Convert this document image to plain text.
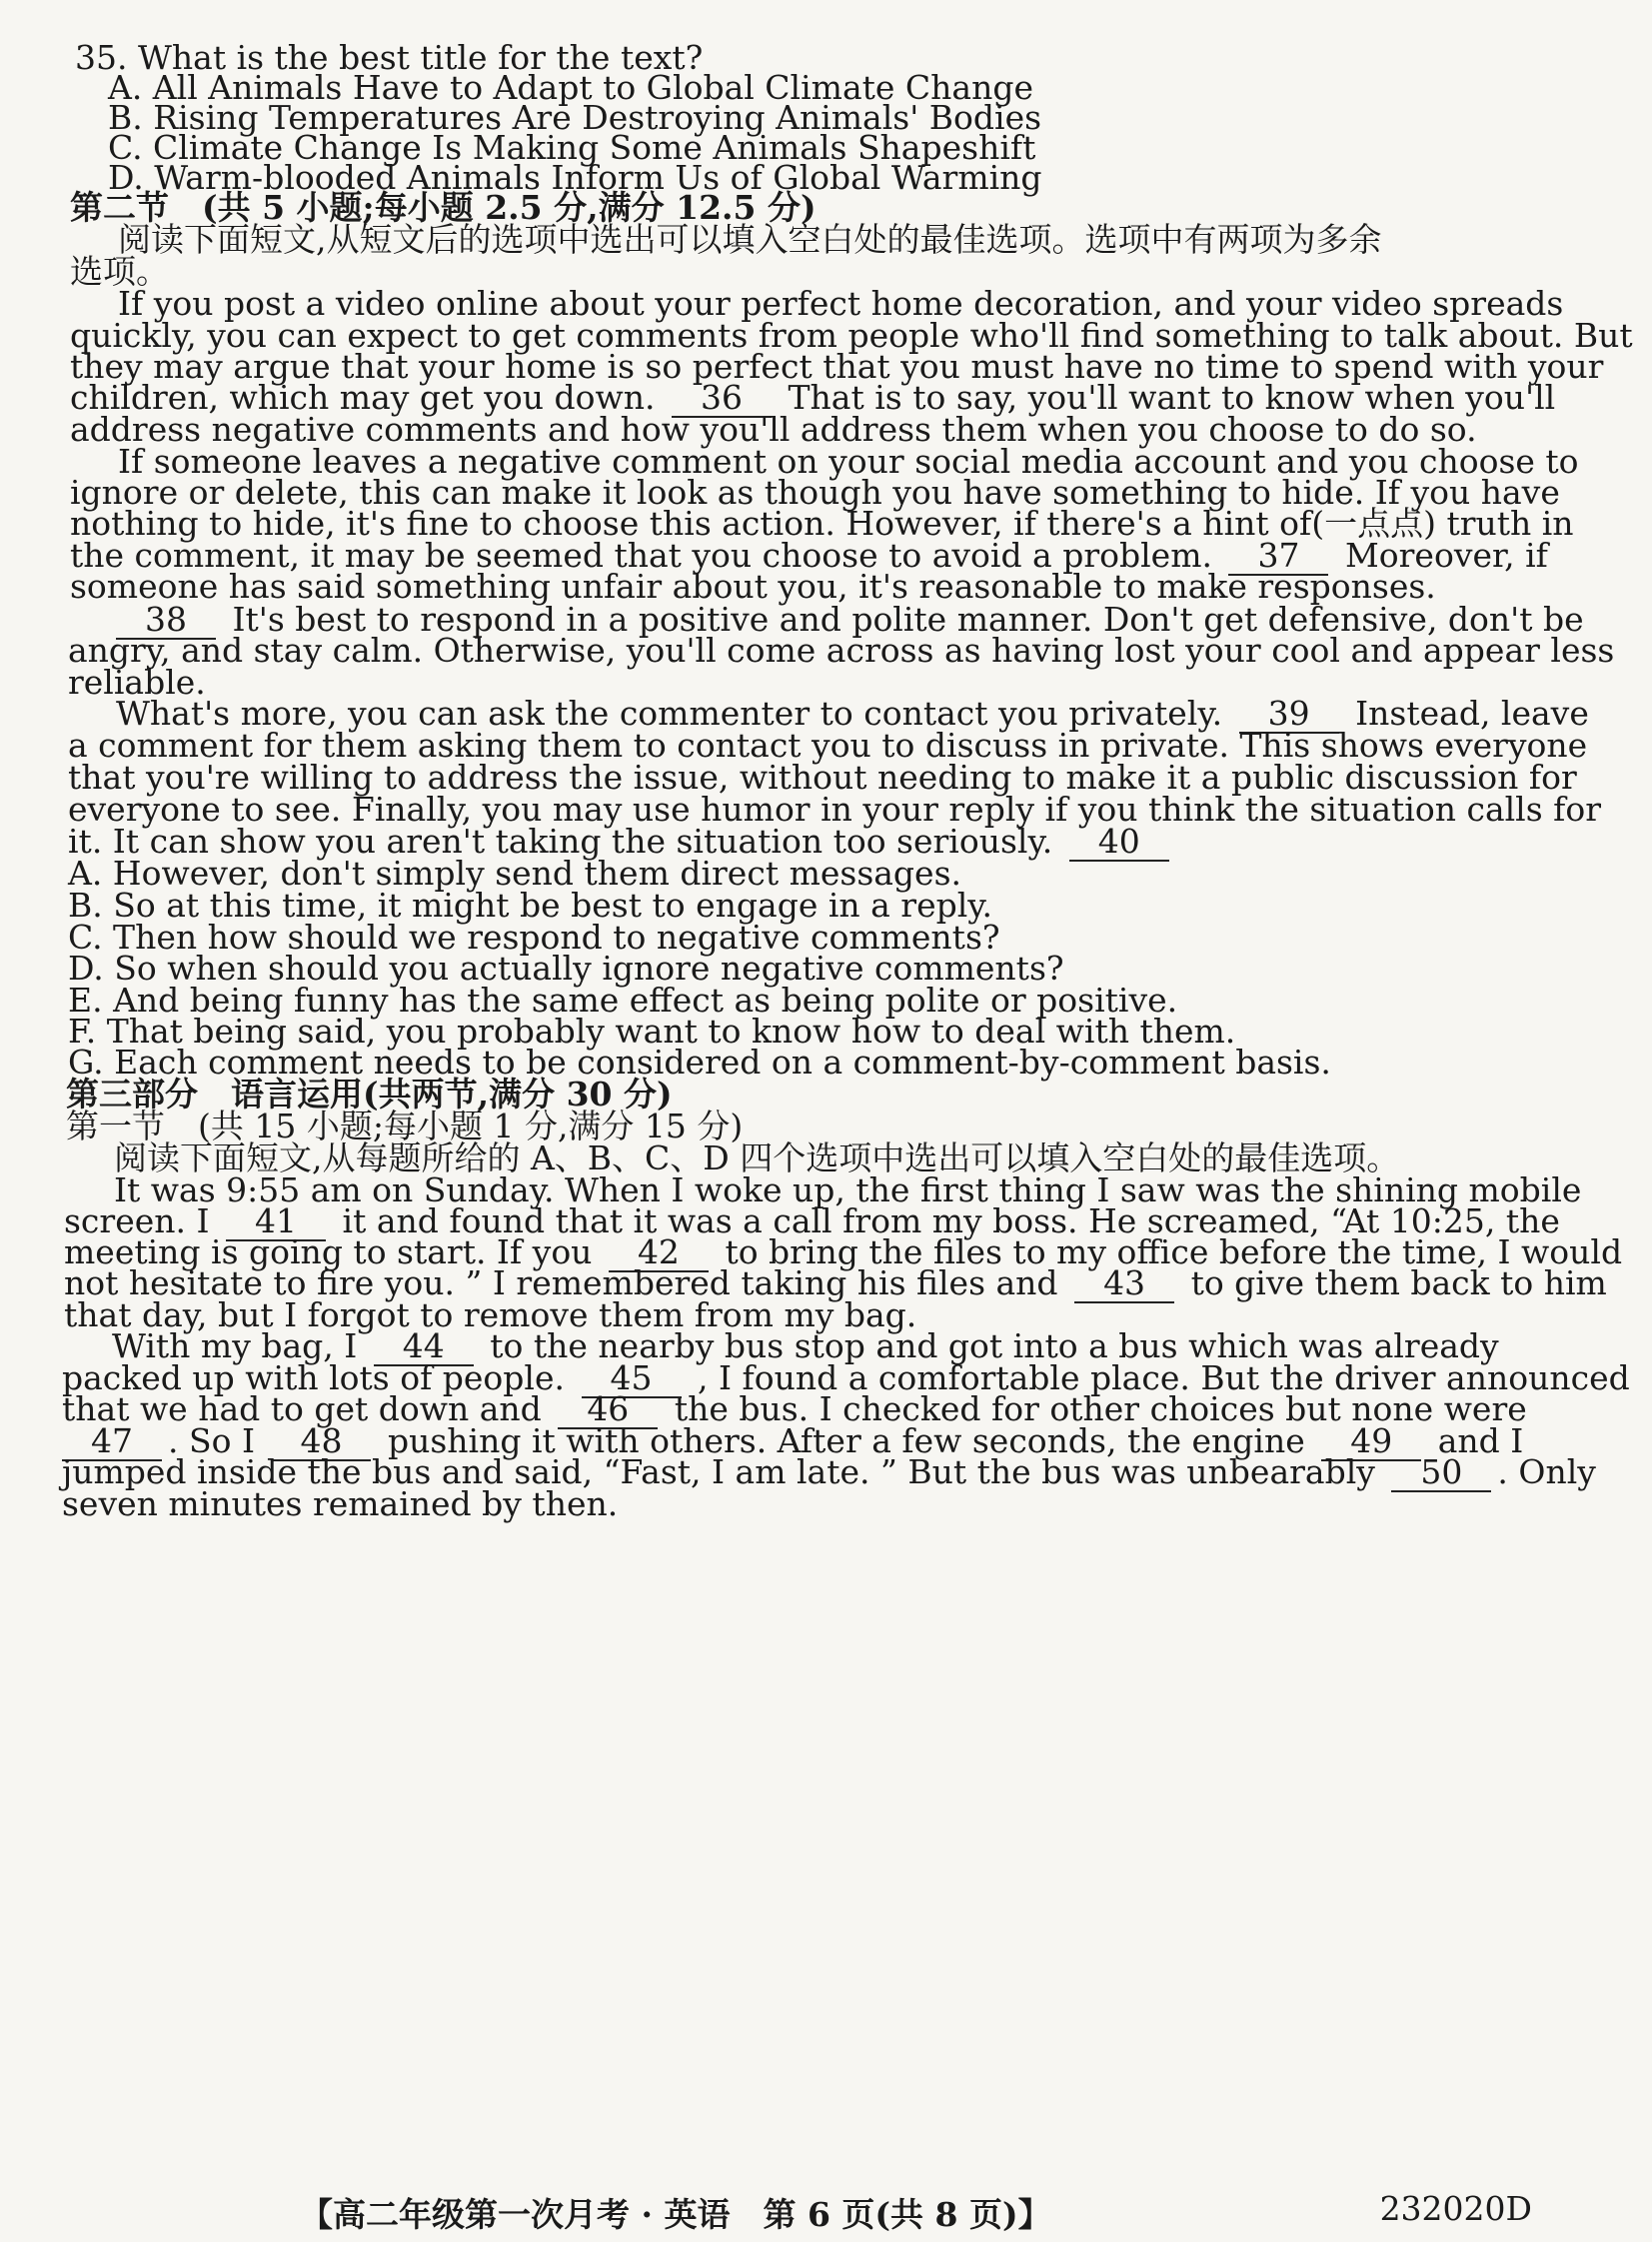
35. What is the best title for the text?
A. All Animals Have to Adapt to Global Climate Change
B. Rising Temperatures Are Destroying Animals' Bodies
C. Climate Change Is Making Some Animals Shapeshift
D. Warm-blooded Animals Inform Us of Global Warming
第二节　(共 5 小题;每小题 2.5 分,满分 12.5 分)
阅读下面短文,从短文后的选项中选出可以填入空白处的最佳选项。选项中有两项为多余
选项。
If you post a video online about your perfect home decoration, and your video spreads
quickly, you can expect to get comments from people who'll find something to talk about. But
they may argue that your home is so perfect that you must have no time to spend with your
children, which may get you down. 36 That is to say, you'll want to know when you'll
address negative comments and how you'll address them when you choose to do so.
If someone leaves a negative comment on your social media account and you choose to
ignore or delete, this can make it look as though you have something to hide. If you have
nothing to hide, it's fine to choose this action. However, if there's a hint of(一点点) truth in
the comment, it may be seemed that you choose to avoid a problem. 37 Moreover, if
someone has said something unfair about you, it's reasonable to make responses.
38 It's best to respond in a positive and polite manner. Don't get defensive, don't be
angry, and stay calm. Otherwise, you'll come across as having lost your cool and appear less
reliable.
What's more, you can ask the commenter to contact you privately. 39 Instead, leave
a comment for them asking them to contact you to discuss in private. This shows everyone
that you're willing to address the issue, without needing to make it a public discussion for
everyone to see. Finally, you may use humor in your reply if you think the situation calls for
it. It can show you aren't taking the situation too seriously. 40
A. However, don't simply send them direct messages.
B. So at this time, it might be best to engage in a reply.
C. Then how should we respond to negative comments?
D. So when should you actually ignore negative comments?
E. And being funny has the same effect as being polite or positive.
F. That being said, you probably want to know how to deal with them.
G. Each comment needs to be considered on a comment-by-comment basis.
第三部分　语言运用(共两节,满分 30 分)
第一节　(共 15 小题;每小题 1 分,满分 15 分)
阅读下面短文,从每题所给的 A、B、C、D 四个选项中选出可以填入空白处的最佳选项。
It was 9:55 am on Sunday. When I woke up, the first thing I saw was the shining mobile
screen. I 41 it and found that it was a call from my boss. He screamed, “At 10:25, the
meeting is going to start. If you 42 to bring the files to my office before the time, I would
not hesitate to fire you. ” I remembered taking his files and 43 to give them back to him
that day, but I forgot to remove them from my bag.
With my bag, I 44 to the nearby bus stop and got into a bus which was already
packed up with lots of people. 45 , I found a comfortable place. But the driver announced
that we had to get down and 46 the bus. I checked for other choices but none were
47 . So I 48 pushing it with others. After a few seconds, the engine 49 and I
jumped inside the bus and said, “Fast, I am late. ” But the bus was unbearably 50 . Only
seven minutes remained by then.
【高二年级第一次月考 · 英语　第 6 页(共 8 页)】	232020D
